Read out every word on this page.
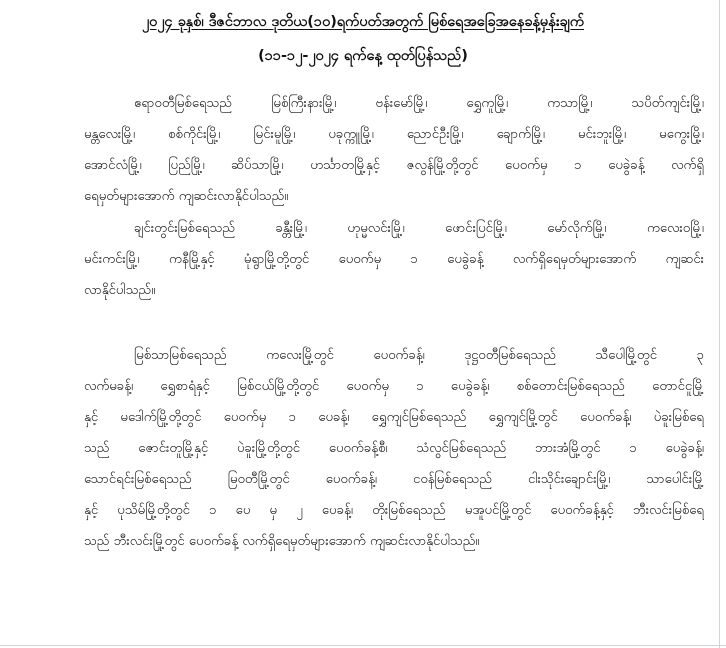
၂၀၂၄ ခုနှစ်၊ ဒီဇင်ဘာလ ဒုတိယ(၁၀)ရက်ပတ်အတွက် မြစ်ရေအခြေအနေခန့်မှန်းချက်
(၁၁-၁၂-၂၀၂၄ ရက်နေ့ ထုတ်ပြန်သည်)
ဧရာဝတီမြစ်ရေသည် မြစ်ကြီးနားမြို့၊ ဗန်းမော်မြို့၊ ရွှေကူမြို့၊ ကသာမြို့၊ သပိတ်ကျင်းမြို့၊
မန္တလေးမြို့၊ စစ်ကိုင်းမြို့၊ မြင်းမူမြို့၊ ပခုက္ကူမြို့၊ ညောင်ဦးမြို့၊ ချောက်မြို့၊ မင်းဘူးမြို့၊ မကွေးမြို့၊
အောင်လံမြို့၊ ပြည်မြို့၊ ဆိပ်သာမြို့၊ ဟင်္သာတမြို့နှင့် ဇလွန်မြို့တို့တွင် ပေ၀က်မှ ၁ ပေခွဲခန့် လက်ရှိ
ရေမှတ်များအောက် ကျဆင်းလာနိုင်ပါသည်။
ချင်းတွင်းမြစ်ရေသည် ခန္တီးမြို့၊ ဟုမ္မလင်းမြို့၊ ဖောင်းပြင်မြို့၊ မော်လိုက်မြို့၊ ကလေးဝမြို့၊
မင်းကင်းမြို့၊ ကနီမြို့နှင့် မုံရွာမြို့တို့တွင် ပေ၀က်မှ ၁ ပေခွဲခန့် လက်ရှိရေမှတ်များအောက် ကျဆင်း
လာနိုင်ပါသည်။
မြစ်သာမြစ်ရေသည် ကလေးမြို့တွင် ပေ၀က်ခန့်၊ ဒုဋ္ဌဝတီမြစ်ရေသည် သီပေါမြို့တွင် ၃
လက်မခန့်၊ ရွှေစာရံနှင့် မြစ်ငယ်မြို့တို့တွင် ပေ၀က်မှ ၁ ပေခွဲခန့်၊ စစ်တောင်းမြစ်ရေသည် တောင်ငူမြို့
နှင့် မဒေါက်မြို့တို့တွင် ပေ၀က်မှ ၁ ပေခန့်၊ ရွှေကျင်မြစ်ရေသည် ရွှေကျင်မြို့တွင် ပေ၀က်ခန့်၊ ပဲခူးမြစ်ရေ
သည် ဇောင်းတူမြို့နှင့် ပဲခူးမြို့တို့တွင် ပေ၀က်ခန့်စီ၊ သံလွင်မြစ်ရေသည် ဘားအံမြို့တွင် ၁ ပေခွဲခန့်၊
သောင်ရင်းမြစ်ရေသည် မြဝတီမြို့တွင် ပေ၀က်ခန့်၊ ငဝန်မြစ်ရေသည် ငါးသိုင်းချောင်းမြို့၊ သာပေါင်းမြို့
နှင့် ပုသိမ်မြို့တို့တွင် ၁ ပေ မှ ၂ ပေခန့်၊ တိုးမြစ်ရေသည် မအူပင်မြို့တွင် ပေ၀က်ခန့်နှင့် ဘီးလင်းမြစ်ရေ
သည် ဘီးလင်းမြို့တွင် ပေ၀က်ခန့် လက်ရှိရေမှတ်များအောက် ကျဆင်းလာနိုင်ပါသည်။
